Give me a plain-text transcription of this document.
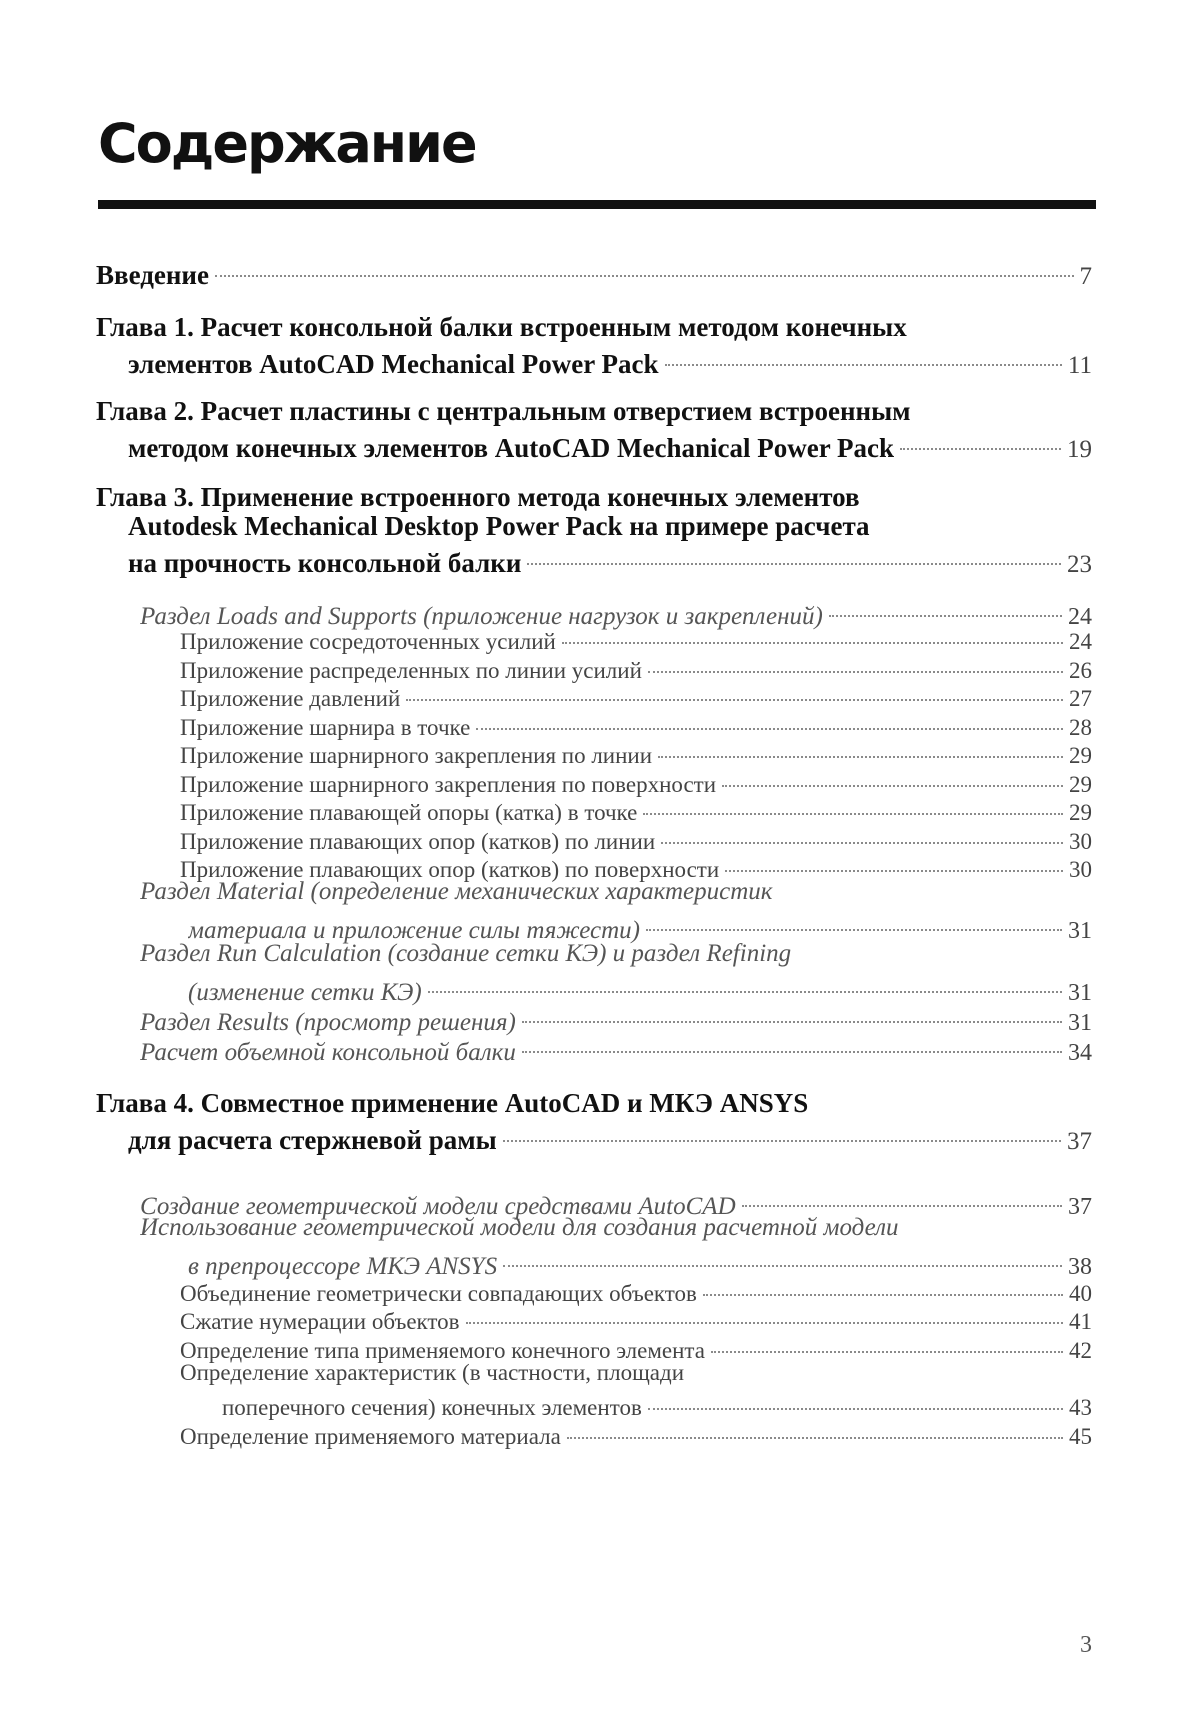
Содержание
Введение	7
Глава 1. Расчет консольной балки встроенным методом конечных
элементов AutoCAD Mechanical Power Pack	11
Глава 2. Расчет пластины с центральным отверстием встроенным
методом конечных элементов AutoCAD Mechanical Power Pack	19
Глава 3. Применение встроенного метода конечных элементов
Autodesk Mechanical Desktop Power Pack на примере расчета
на прочность консольной балки	23
Раздел Loads and Supports (приложение нагрузок и закреплений)	24
Приложение сосредоточенных усилий	24
Приложение распределенных по линии усилий	26
Приложение давлений	27
Приложение шарнира в точке	28
Приложение шарнирного закрепления по линии	29
Приложение шарнирного закрепления по поверхности	29
Приложение плавающей опоры (катка) в точке	29
Приложение плавающих опор (катков) по линии	30
Приложение плавающих опор (катков) по поверхности	30
Раздел Material (определение механических характеристик
материала и приложение силы тяжести)	31
Раздел Run Calculation (создание сетки КЭ) и раздел Refining
(изменение сетки КЭ)	31
Раздел Results (просмотр решения)	31
Расчет объемной консольной балки	34
Глава 4. Совместное применение AutoCAD и МКЭ ANSYS
для расчета стержневой рамы	37
Создание геометрической модели средствами AutoCAD	37
Использование геометрической модели для создания расчетной модели
в препроцессоре МКЭ ANSYS	38
Объединение геометрически совпадающих объектов	40
Сжатие нумерации объектов	41
Определение типа применяемого конечного элемента	42
Определение характеристик (в частности, площади
поперечного сечения) конечных элементов	43
Определение применяемого материала	45
3
